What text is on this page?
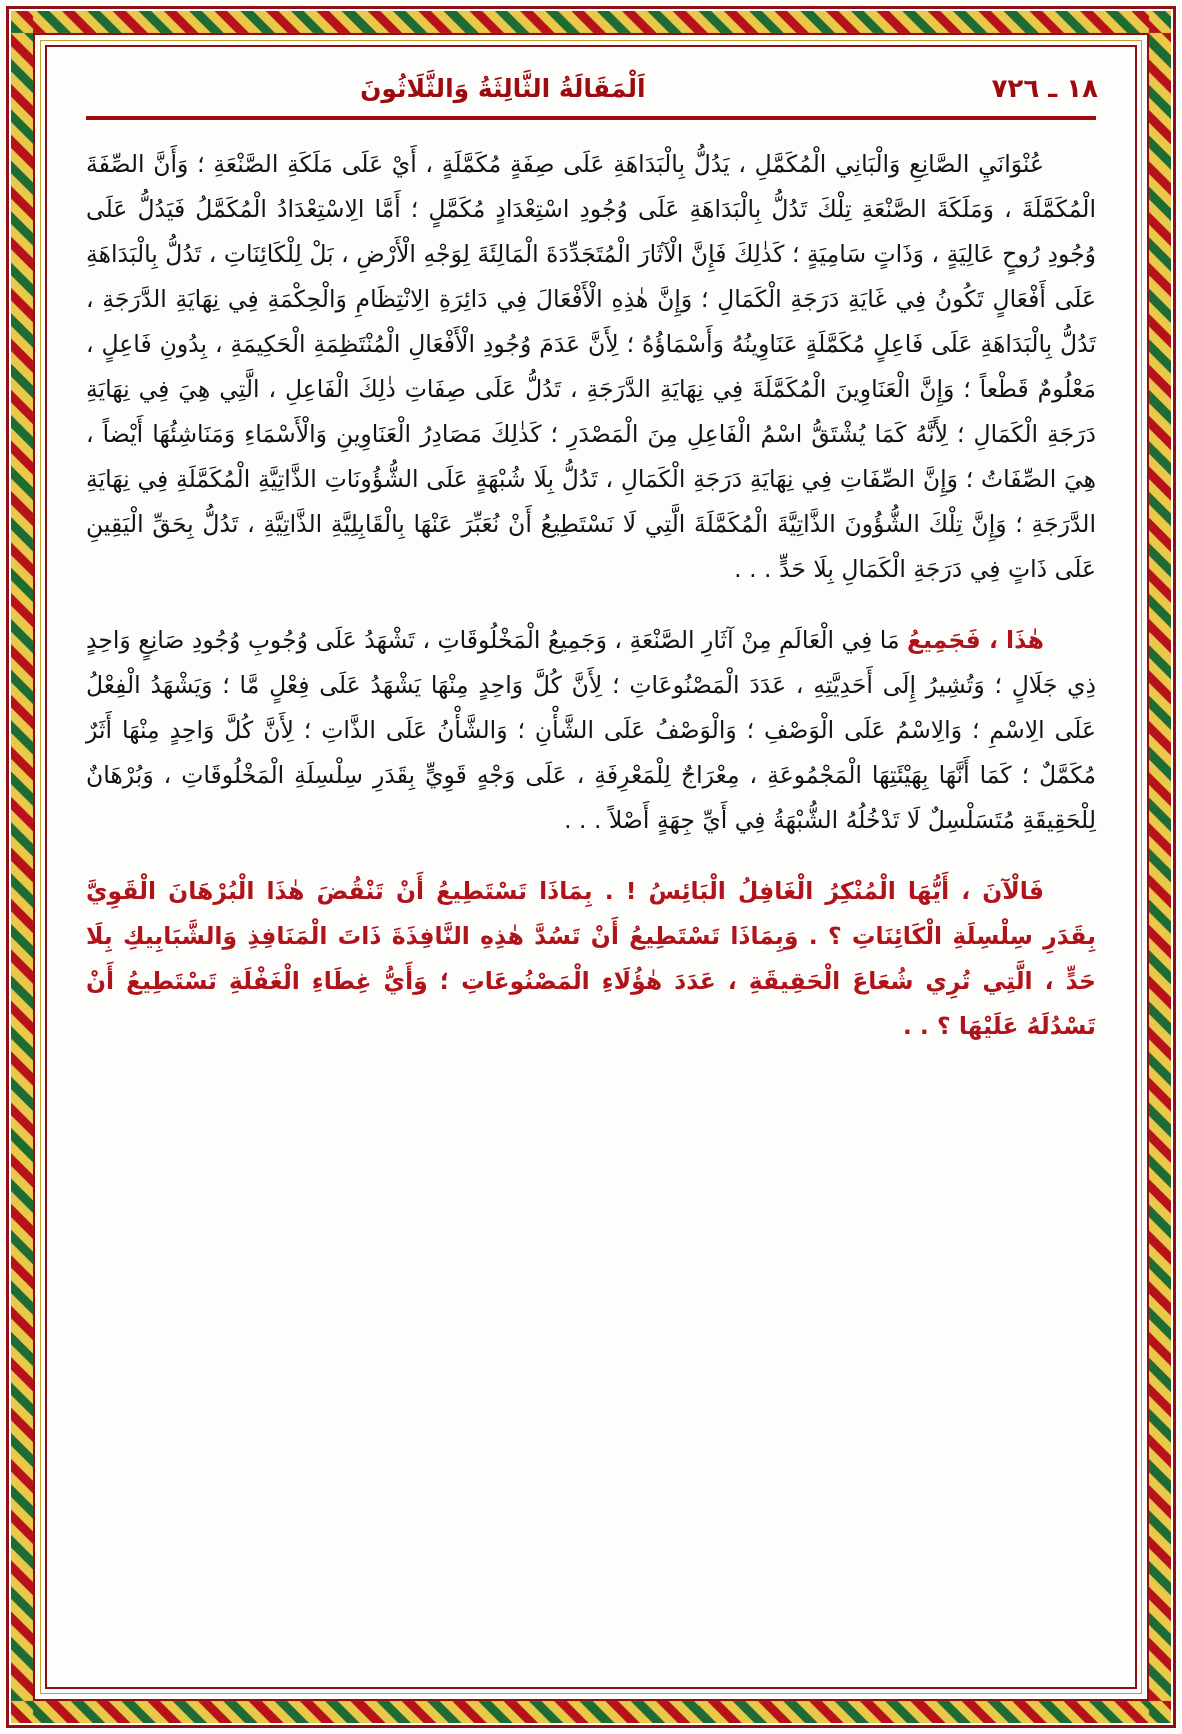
١٨ ـ ٧٢٦
اَلْمَقَالَةُ الثَّالِثَةُ وَالثَّلَاثُونَ

عُنْوَانَيِ الصَّانِعِ وَالْبَانِي الْمُكَمَّلِ ، يَدُلُّ بِالْبَدَاهَةِ عَلَى صِفَةٍ مُكَمَّلَةٍ ، أَيْ عَلَى مَلَكَةِ الصَّنْعَةِ ؛ وَأَنَّ الصِّفَةَ الْمُكَمَّلَةَ ، وَمَلَكَةَ الصَّنْعَةِ تِلْكَ تَدُلُّ بِالْبَدَاهَةِ عَلَى وُجُودِ اسْتِعْدَادٍ مُكَمَّلٍ ؛ أَمَّا الِاسْتِعْدَادُ الْمُكَمَّلُ فَيَدُلُّ عَلَى وُجُودِ رُوحٍ عَالِيَةٍ ، وَذَاتٍ سَامِيَةٍ ؛ كَذٰلِكَ فَإِنَّ الْآثَارَ الْمُتَجَدِّدَةَ الْمَالِئَةَ لِوَجْهِ الْأَرْضِ ، بَلْ لِلْكَائِنَاتِ ، تَدُلُّ بِالْبَدَاهَةِ عَلَى أَفْعَالٍ تَكُونُ فِي غَايَةِ دَرَجَةِ الْكَمَالِ ؛ وَإِنَّ هٰذِهِ الْأَفْعَالَ فِي دَائِرَةِ الِانْتِظَامِ وَالْحِكْمَةِ فِي نِهَايَةِ الدَّرَجَةِ ، تَدُلُّ بِالْبَدَاهَةِ عَلَى فَاعِلٍ مُكَمَّلَةٍ عَنَاوِينُهُ وَأَسْمَاؤُهُ ؛ لِأَنَّ عَدَمَ وُجُودِ الْأَفْعَالِ الْمُنْتَظِمَةِ الْحَكِيمَةِ ، بِدُونِ فَاعِلٍ ، مَعْلُومٌ قَطْعاً ؛ وَإِنَّ الْعَنَاوِينَ الْمُكَمَّلَةَ فِي نِهَايَةِ الدَّرَجَةِ ، تَدُلُّ عَلَى صِفَاتِ ذٰلِكَ الْفَاعِلِ ، الَّتِي هِيَ فِي نِهَايَةِ دَرَجَةِ الْكَمَالِ ؛ لِأَنَّهُ كَمَا يُشْتَقُّ اسْمُ الْفَاعِلِ مِنَ الْمَصْدَرِ ؛ كَذٰلِكَ مَصَادِرُ الْعَنَاوِينِ وَالْأَسْمَاءِ وَمَنَاشِئُهَا أَيْضاً ، هِيَ الصِّفَاتُ ؛ وَإِنَّ الصِّفَاتِ فِي نِهَايَةِ دَرَجَةِ الْكَمَالِ ، تَدُلُّ بِلَا شُبْهَةٍ عَلَى الشُّؤُونَاتِ الذَّاتِيَّةِ الْمُكَمَّلَةِ فِي نِهَايَةِ الدَّرَجَةِ ؛ وَإِنَّ تِلْكَ الشُّؤُونَ الذَّاتِيَّةَ الْمُكَمَّلَةَ الَّتِي لَا نَسْتَطِيعُ أَنْ نُعَبِّرَ عَنْهَا بِالْقَابِلِيَّةِ الذَّاتِيَّةِ ، تَدُلُّ بِحَقِّ الْيَقِينِ عَلَى ذَاتٍ فِي دَرَجَةِ الْكَمَالِ بِلَا حَدٍّ . . .

هٰذَا ، فَجَمِيعُ مَا فِي الْعَالَمِ مِنْ آثَارِ الصَّنْعَةِ ، وَجَمِيعُ الْمَخْلُوقَاتِ ، تَشْهَدُ عَلَى وُجُوبِ وُجُودِ صَانِعٍ وَاحِدٍ ذِي جَلَالٍ ؛ وَتُشِيرُ إِلَى أَحَدِيَّتِهِ ، عَدَدَ الْمَصْنُوعَاتِ ؛ لِأَنَّ كُلَّ وَاحِدٍ مِنْهَا يَشْهَدُ عَلَى فِعْلٍ مَّا ؛ وَيَشْهَدُ الْفِعْلُ عَلَى الِاسْمِ ؛ وَالِاسْمُ عَلَى الْوَصْفِ ؛ وَالْوَصْفُ عَلَى الشَّأْنِ ؛ وَالشَّأْنُ عَلَى الذَّاتِ ؛ لِأَنَّ كُلَّ وَاحِدٍ مِنْهَا أَثَرٌ مُكَمَّلٌ ؛ كَمَا أَنَّهَا بِهَيْئَتِهَا الْمَجْمُوعَةِ ، مِعْرَاجٌ لِلْمَعْرِفَةِ ، عَلَى وَجْهٍ قَوِيٍّ بِقَدَرِ سِلْسِلَةِ الْمَخْلُوقَاتِ ، وَبُرْهَانٌ لِلْحَقِيقَةِ مُتَسَلْسِلٌ لَا تَدْخُلُهُ الشُّبْهَةُ فِي أَيِّ جِهَةٍ أَصْلاً . . .

فَالْآنَ ، أَيُّهَا الْمُنْكِرُ الْغَافِلُ الْبَائِسُ ! . بِمَاذَا تَسْتَطِيعُ أَنْ تَنْقُضَ هٰذَا الْبُرْهَانَ الْقَوِيَّ بِقَدَرِ سِلْسِلَةِ الْكَائِنَاتِ ؟ . وَبِمَاذَا تَسْتَطِيعُ أَنْ تَسُدَّ هٰذِهِ النَّافِذَةَ ذَاتَ الْمَنَافِذِ وَالشَّبَابِيكِ بِلَا حَدٍّ ، الَّتِي تُرِي شُعَاعَ الْحَقِيقَةِ ، عَدَدَ هٰؤُلَاءِ الْمَصْنُوعَاتِ ؛ وَأَيُّ غِطَاءِ الْغَفْلَةِ تَسْتَطِيعُ أَنْ تَسْدُلَهُ عَلَيْهَا ؟ . .
